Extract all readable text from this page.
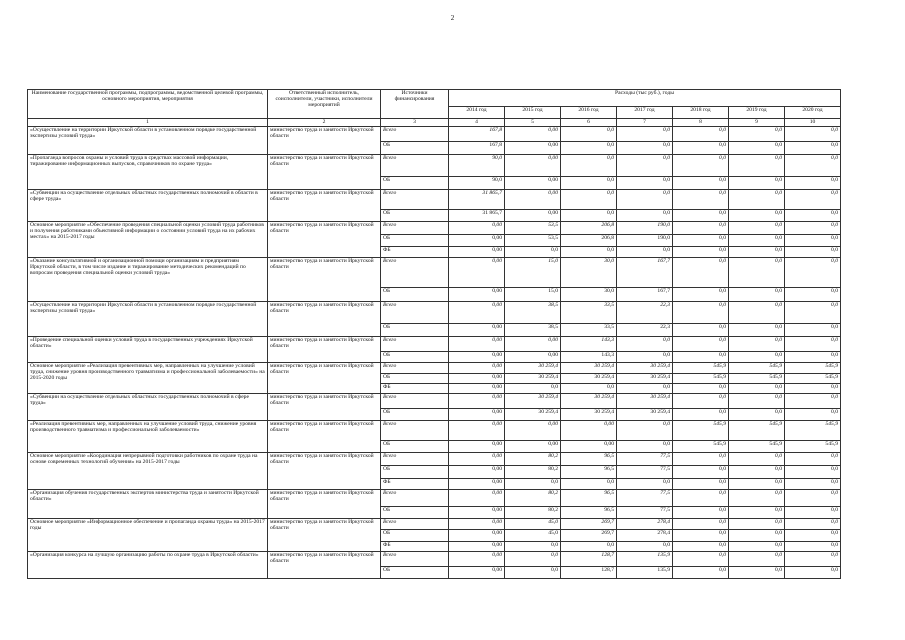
2
Наименование государственной программы, подпрограммы, ведомственной целевой программы, основного мероприятия, мероприятия	Ответственный исполнитель, соисполнители, участники, исполнители мероприятий	Источники финансирования	Расходы (тыс руб.), годы						
			2014 год	2015 год	2016 год	2017 год	2018 год	2019 год	2020 год
1	2	3	4	5	6	7	8	9	10
«Осуществление на территории Иркутской области в установленном порядке государственной экспертизы условий труда»	министерство труда и занятости Иркутской области	Всего	167,8	0,00	0,0	0,0	0,0	0,0	0,0
		ОБ	167,8	0,00	0,0	0,0	0,0	0,0	0,0
«Пропаганда вопросов охраны и условий труда в средствах массовой информации, тиражирование информационных выпусков, справочников по охране труда»	министерство труда и занятости Иркутской области	Всего	90,0	0,00	0,0	0,0	0,0	0,0	0,0
		ОБ	90,0	0,00	0,0	0,0	0,0	0,0	0,0
«Субвенции на осуществление отдельных областных государственных полномочий в области в сфере труда»	министерство труда и занятости Иркутской области	Всего	31 865,7	0,00	0,0	0,0	0,0	0,0	0,0
		ОБ	31 865,7	0,00	0,0	0,0	0,0	0,0	0,0
Основное мероприятие «Обеспечение проведения специальной оценки условий труда работников и получения работниками объективной информации о состоянии условий труда на их рабочих местах» на 2015-2017 годы	министерство труда и занятости Иркутской области	Всего	0,00	53,5	206,8	190,0	0,0	0,0	0,0
		ОБ	0,00	53,5	206,8	190,0	0,0	0,0	0,0
		ФБ	0,00	0,0	0,0	0,0	0,0	0,0	0,0
«Оказание консультативной и организационной помощи организациям и предприятиям Иркутской области, в том числе издание и тиражирование методических рекомендаций по вопросам проведения специальной оценки условий труда»	министерство труда и занятости Иркутской области	Всего	0,00	15,0	30,0	167,7	0,0	0,0	0,0
		ОБ	0,00	15,0	30,0	167,7	0,0	0,0	0,0
«Осуществление на территории Иркутской области в установленном порядке государственной экспертизы условий труда»	министерство труда и занятости Иркутской области	Всего	0,00	38,5	33,5	22,3	0,0	0,0	0,0
		ОБ	0,00	38,5	33,5	22,3	0,0	0,0	0,0
«Проведение специальной оценки условий труда в государственных учреждениях Иркутской области»	министерство труда и занятости Иркутской области	Всего	0,00	0,00	143,3	0,0	0,0	0,0	0,0
		ОБ	0,00	0,00	143,3	0,0	0,0	0,0	0,0
Основное мероприятие «Реализация превентивных мер, направленных на улучшение условий труда, снижение уровня производственного травматизма и профессиональной заболеваемости» на 2015-2020 годы	министерство труда и занятости Иркутской области	Всего	0,00	30 259,4	30 259,4	30 259,4	545,9	545,9	545,9
		ОБ	0,00	30 259,4	30 259,4	30 259,4	545,9	545,9	545,9
		ФБ	0,00	0,0	0,0	0,0	0,0	0,0	0,0
«Субвенции на осуществление отдельных областных государственных полномочий в сфере труда»	министерство труда и занятости Иркутской области	Всего	0,00	30 259,4	30 259,4	30 259,4	0,0	0,0	0,0
		ОБ	0,00	30 259,4	30 259,4	30 259,4	0,0	0,0	0,0
«Реализация превентивных мер, направленных на улучшение условий труда, снижение уровня производственного травматизма и профессиональной заболеваемости»	министерство труда и занятости Иркутской области	Всего	0,00	0,00	0,00	0,0	545,9	545,9	545,9
		ОБ	0,00	0,00	0,00	0,0	545,9	545,9	545,9
Основное мероприятие «Координация непрерывной подготовки работников по охране труда на основе современных технологий обучения» на 2015-2017 годы	министерство труда и занятости Иркутской области	Всего	0,00	80,2	96,5	77,5	0,0	0,0	0,0
		ОБ	0,00	80,2	96,5	77,5	0,0	0,0	0,0
		ФБ	0,00	0,0	0,0	0,0	0,0	0,0	0,0
«Организация обучения государственных экспертов министерства труда и занятости Иркутской области»	министерство труда и занятости Иркутской области	Всего	0,00	80,2	96,5	77,5	0,0	0,0	0,0
		ОБ	0,00	80,2	96,5	77,5	0,0	0,0	0,0
Основное мероприятие «Информационное обеспечение и пропаганда охраны труда» на 2015-2017 годы	министерство труда и занятости Иркутской области	Всего	0,00	45,0	269,7	278,4	0,0	0,0	0,0
		ОБ	0,00	45,0	269,7	278,4	0,0	0,0	0,0
		ФБ	0,00	0,0	0,0	0,0	0,0	0,0	0,0
«Организация конкурса на лучшую организацию работы по охране труда в Иркутской области»	министерство труда и занятости Иркутской области	Всего	0,00	0,0	128,7	135,9	0,0	0,0	0,0
		ОБ	0,00	0,0	128,7	135,9	0,0	0,0	0,0
